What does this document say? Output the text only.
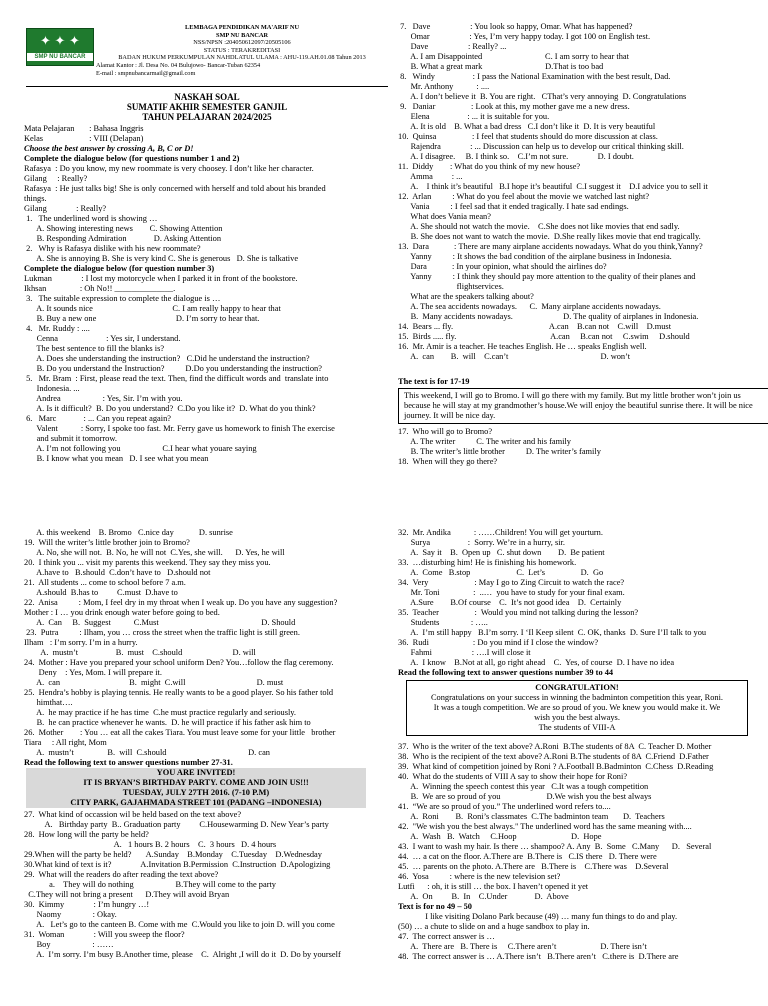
✦ ✦ ✦
SMP NU BANCAR

LEMBAGA PENDIDIKAN MA'ARIF NU

SMP NU BANCAR

NSS/NPSN :204050612097/20505106

STATUS : TERAKREDITASI

BADAN HUKUM PERKUMPULAN NAHDLATUL ULAMA : AHU-119.AH.01.08 Tahun 2013

Alamat Kantor : Jl. Desa No. 04 Bulujowo- Bancar-Tuban 62354

E-mail : smpnubancarmail@gmail.com

NASKAH SOAL

SUMATIF AKHIR SEMESTER GANJIL

TAHUN PELAJARAN 2024/2025

Mata Pelajaran       : Bahasa Inggris

Kelas                      : VIII (Delapan)

Choose the best answer by crossing A, B, C or D!

Complete the dialogue below (for questions number 1 and 2)

Rafasya  : Do you know, my new roommate is very choosey. I don’t like her character.

Gilang     : Really?

Rafasya  : He just talks big! She is only concerned with herself and told about his branded

things.

Gilang              : Really?

1.   The underlined word is showing …

A. Showing interesting news        C. Showing Attention

B. Responding Admiration             D. Asking Attention

2.   Why is Rafasya dislike with his new roommate?

A. She is annoying B. She is very kind C. She is generous   D. She is talkative

Complete the dialogue below (for question number 3)

Lukman              : I lost my motorcycle when I parked it in front of the bookstore.

Ikhsan                : Oh No!! ______________.

3.   The suitable expression to complete the dialogue is …

A. It sounds nice                                      C. I am really happy to hear that

B. Buy a new one                                      D. I’m sorry to hear that.

4.   Mr. Ruddy : ....

Cenna                       : Yes sir, I understand.

The best sentence to fill the blanks is?

A. Does she understanding the instruction?   C.Did he understand the instruction?

B. Do you understand the Instruction?          D.Do you understanding the instruction?

5.   Mr. Bram  : First, please read the text. Then, find the difficult words and  translate into

Indonesia. ...

Andrea                    : Yes, Sir. I’m with you.

A. Is it difficult?  B. Do you understand?  C.Do you like it?  D. What do you think?

6.   Marc             : ... Can you repeat again?

Valent           : Sorry, I spoke too fast. Mr. Ferry gave us homework to finish The exercise

and submit it tomorrow.

A. I’m not following you                    C.I hear what youare saying

B. I know what you mean   D. I see what you mean

7.   Dave                   : You look so happy, Omar. What has happened?

Omar                   : Yes, I’m very happy today. I got 100 on English test.

Dave                   : Really? ...

A. I am Disappointed                              C. I am sorry to hear that

B. What a great mark                              D.That is too bad

8.   Windy                  : I pass the National Examination with the best result, Dad.

Mr. Anthony           : ....

A. I don’t believe it  B. You are right.   CThat’s very annoying  D. Congratulations

9.   Daniar                 : Look at this, my mother gave me a new dress.

Elena                  : ... it is suitable for you.

A. It is old    B. What a bad dress   C.I don’t like it  D. It is very beautiful

10.  Quinsa                 : I feel that students should do more discussion at class.

Rajendra              : ... Discussion can help us to develop our critical thinking skill.

A. I disagree.     B. I think so.    C.I’m not sure.              D. I doubt.

11.  Diddy        : What do you think of my new house?

Amma         : ...

A.    I think it’s beautiful   B.I hope it’s beautiful  C.I suggest it    D.I advice you to sell it

12.  Arlan          : What do you feel about the movie we watched last night?

Vania          : I feel sad that it ended tragically. I hate sad endings.

What does Vania mean?

A. She should not watch the movie.    C.She does not like movies that end sadly.

B. She does not want to watch the movie.  D.She really likes movie that end tragically.

13.  Dara            : There are many airplane accidents nowadays. What do you think,Yanny?

Yanny          : It shows the bad condition of the airplane business in Indonesia.

Dara            : In your opinion, what should the airlines do?

Yanny          : I think they should pay more attention to the quality of their planes and

flightservices.

What are the speakers talking about?

A. The sea accidents nowadays.      C.  Many airplane accidents nowadays.

B.  Many accidents nowadays.                        D. The quality of airplanes in Indonesia.

14.  Bears ... fly.                                              A.can    B.can not    C.will    D.must

15.  Birds ..... fly.                                             A.can     B.can not     C.swim     D.should

16.  Mr. Amir is a teacher. He teaches English. He … speaks English well.

A.  can        B.  will    C.can’t                                            D. won’t

The text is for 17-19

This weekend, I will go to Bromo. I will go there with my family. But my little brother won’t join us because he will stay at my grandmother’s house.We will enjoy the beautiful sunrise there. It will be nice journey. It will be nice day.

17.  Who will go to Bromo?

A. The writer          C. The writer and his family

B. The writer’s little brother          D. The writer’s family

18.  When will they go there?

A. this weekend    B. Bromo   C.nice day            D. sunrise

19.  Will the writer’s little brother join to Bromo?

A. No, she will not.  B. No, he will not  C.Yes, she will.      D. Yes, he will

20.  I think you ... visit my parents this weekend. They say they miss you.

A.have to   B.should  C.don’t have to   D.should not

21.  All students ... come to school before 7 a.m.

A.should  B.has to         C.must  D.have to

22.  Anisa          : Mom, I feel dry in my throat when I weak up. Do you have any suggestion?

Mother : I … you drink enough water before going to bed.

A.  Can     B.  Suggest           C.Must                                                 D. Should

23.  Putra          : Ilham, you … cross the street when the traffic light is still green.

Ilham   : I’m sorry. I’m in a hurry.

A.  mustn’t                  B.  must    C.should                        D. will

24.  Mother : Have you prepared your school uniform Den? You…follow the flag ceremony.

Deny    : Yes, Mom. I will prepare it.

A.  can                                 B.  might  C.will                                  D. must

25.  Hendra’s hobby is playing tennis. He really wants to be a good player. So his father told

himthat….

A.  he may practice if he has time  C.he must practice regularly and seriously.

B.  he can practice whenever he wants.  D. he will practice if his father ask him to

26.  Mother        : You … eat all the cakes Tiara. You must leave some for your little   brother

Tiara     : All right, Mom

A.  mustn’t                B.  will  C.should                                       D. can

Read the following text to answer questions number 27-31.

YOU ARE INVITED!

IT IS BRYAN’S BIRTHDAY PARTY. COME AND JOIN US!!!

TUESDAY, JULY 27TH 2016. (7-10 P.M)

CITY PARK, GAJAHMADA STREET 101 (PADANG –INDONESIA)

27.  What kind of occassion wil be held based on the text above?

A.   Birthday party  B.. Graduation party         C.Housewarming D. New Year’s party

28.  How long will the party be held?

A.   1 hours B. 2 hours    C.  3 hours   D. 4 hours

29.When will the party be held?       A.Sunday    B.Monday    C.Tuesday    D.Wednesday

30.What kind of text is it?              A.Invitation B.Permission  C.Instruction  D.Apologizing

29.  What will the readers do after reading the text above?

a.    They will do nothing                    B.They will come to the party

C.They will not bring a present      D.They will avoid Bryan

30.  Kimmy              : I’m hungry …!

Naomy               : Okay.

A.   Let’s go to the canteen B. Come with me  C.Would you like to join D. will you come

31.  Woman              : Will you sweep the floor?

Boy                    : ……

A.  I’m sorry. I’m busy B.Another time, please    C.  Alright ,I will do it  D. Do by yourself

32.  Mr. Andika           : ……Children! You will get yourturn.

Surya                  :  Sorry. We’re in a hurry, sir.

A.  Say it    B.  Open up   C. shut down        D.  Be patient

33.  …disturbing him! He is finishing his homework.

A.  Come   B.stop                      C.  Let’s                 D.  Go

34.  Very                      : May I go to Zing Circuit to watch the race?

Mr. Toni                :  ..…  you have to study for your final exam.

A.Sure        B.Of course    C.  It’s not good idea    D.  Certainly

35.  Teacher                 :  Would you mind not talking during the lesson?

Students               : …..

A.  I’m still happy   B.I’m sorry. I ‘Il Keep silent  C. OK, thanks  D. Sure I’Il talk to you

36.  Rudi                     : Do you mind if I close the window?

Fahmi                   : ….I will close it

A.  I know    B.Not at all, go right ahead    C.  Yes, of course  D. I have no idea

Read the following text to answer questions number 39 to 44

CONGRATULATION!

Congratulations on your success in winning the badminton competition this year, Roni.

It was a tough competition. We are so proud of you. We knew you would make it. We

wish you the best always.

The students of VIII-A

37.  Who is the writer of the text above? A.Roni  B.The students of 8A  C. Teacher D. Mother

38.  Who is the recipient of the text above? A.Roni B.The students of 8A  C.Friend  D.Father

39.  What kind of competition joined by Roni ? A.Football B.Badminton  C.Chess  D.Reading

40.  What do the students of VIII A say to show their hope for Roni?

A.  Winning the speech contest this year   C.It was a tough competition

B.  We are so proud of you                      D.We wish you the best always

41.  “We are so proud of you.” The underlined word refers to....

A.  Roni        B.  Roni’s classmates  C.The badminton team       D.  Teachers

42.  "We wish you the best always." The underlined word has the same meaning with....

A.  Wash   B.  Watch     C.Hoop                          D.  Hope

43.  I want to wash my hair. Is there … shampoo? A. Any  B.  Some   C.Many      D.   Several

44.  … a cat on the floor. A.There are  B.There is   C.IS there   D. There were

45.  … parents on the photo. A.There are   B.There is    C.There was    D.Several

46.  Yosa          : where is the new television set?

Lutfi      : oh, it is still … the box. I haven’t opened it yet

A.  On         B.  In    C.Under             D.  Above

Text is for no 49 – 50

I like visiting Dolano Park because (49) … many fun things to do and play.

(50) … a chute to slide on and a huge sandbox to play in.

47.  The correct answer is …

A.  There are   B. There is     C.There aren’t                     D. There isn’t

48.  The correct answer is … A.There isn’t   B.There aren’t   C.there is  D.There are
